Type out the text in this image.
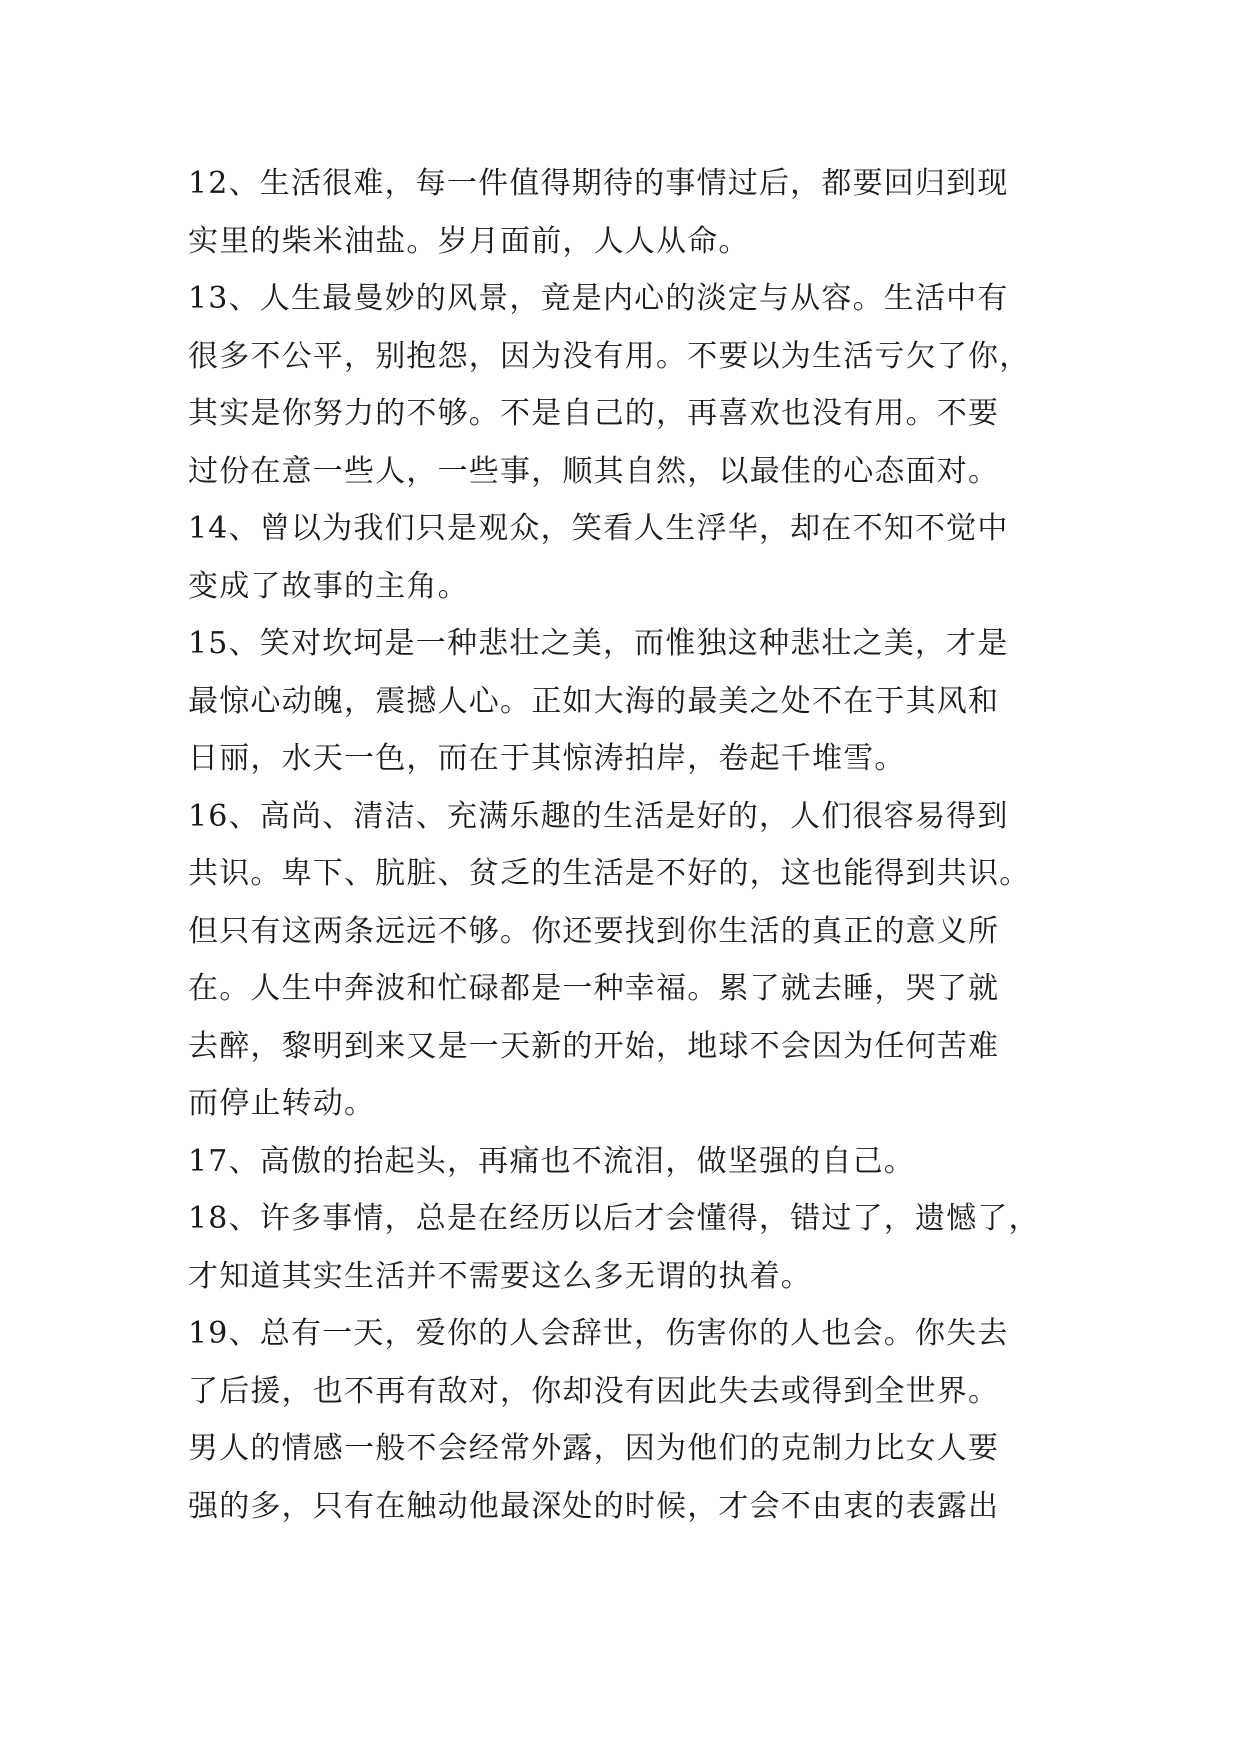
12、生活很难，每一件值得期待的事情过后，都要回归到现
实里的柴米油盐。岁月面前，人人从命。
13、人生最曼妙的风景，竟是内心的淡定与从容。生活中有
很多不公平，别抱怨，因为没有用。不要以为生活亏欠了你，
其实是你努力的不够。不是自己的，再喜欢也没有用。不要
过份在意一些人，一些事，顺其自然，以最佳的心态面对。
14、曾以为我们只是观众，笑看人生浮华，却在不知不觉中
变成了故事的主角。
15、笑对坎坷是一种悲壮之美，而惟独这种悲壮之美，才是
最惊心动魄，震撼人心。正如大海的最美之处不在于其风和
日丽，水天一色，而在于其惊涛拍岸，卷起千堆雪。
16、高尚、清洁、充满乐趣的生活是好的，人们很容易得到
共识。卑下、肮脏、贫乏的生活是不好的，这也能得到共识。
但只有这两条远远不够。你还要找到你生活的真正的意义所
在。人生中奔波和忙碌都是一种幸福。累了就去睡，哭了就
去醉，黎明到来又是一天新的开始，地球不会因为任何苦难
而停止转动。
17、高傲的抬起头，再痛也不流泪，做坚强的自己。
18、许多事情，总是在经历以后才会懂得，错过了，遗憾了，
才知道其实生活并不需要这么多无谓的执着。
19、总有一天，爱你的人会辞世，伤害你的人也会。你失去
了后援，也不再有敌对，你却没有因此失去或得到全世界。
男人的情感一般不会经常外露，因为他们的克制力比女人要
强的多，只有在触动他最深处的时候，才会不由衷的表露出
